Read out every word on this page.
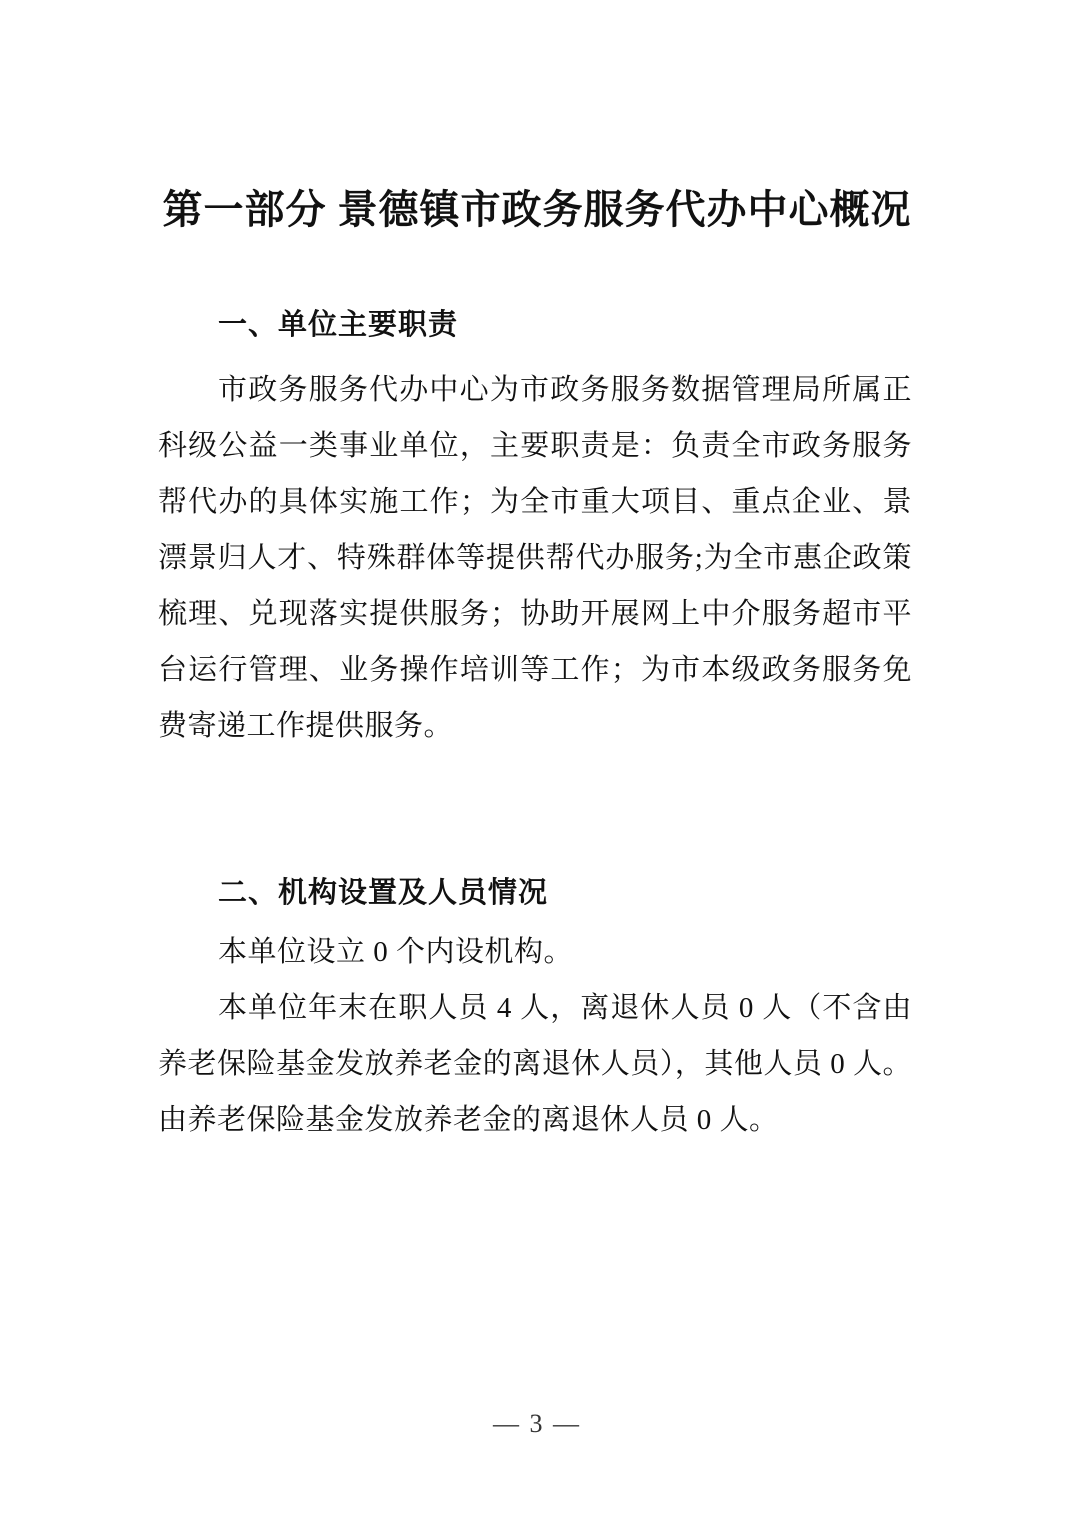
第一部分 景德镇市政务服务代办中心概况
一、单位主要职责

市政务服务代办中心为市政务服务数据管理局所属正科级公益一类事业单位，主要职责是：负责全市政务服务帮代办的具体实施工作；为全市重大项目、重点企业、景漂景归人才、特殊群体等提供帮代办服务;为全市惠企政策梳理、兑现落实提供服务；协助开展网上中介服务超市平台运行管理、业务操作培训等工作；为市本级政务服务免费寄递工作提供服务。

二、机构设置及人员情况

本单位设立 0 个内设机构。

本单位年末在职人员 4 人，离退休人员 0 人（不含由养老保险基金发放养老金的离退休人员），其他人员 0 人。由养老保险基金发放养老金的离退休人员 0 人。

— 3 —
